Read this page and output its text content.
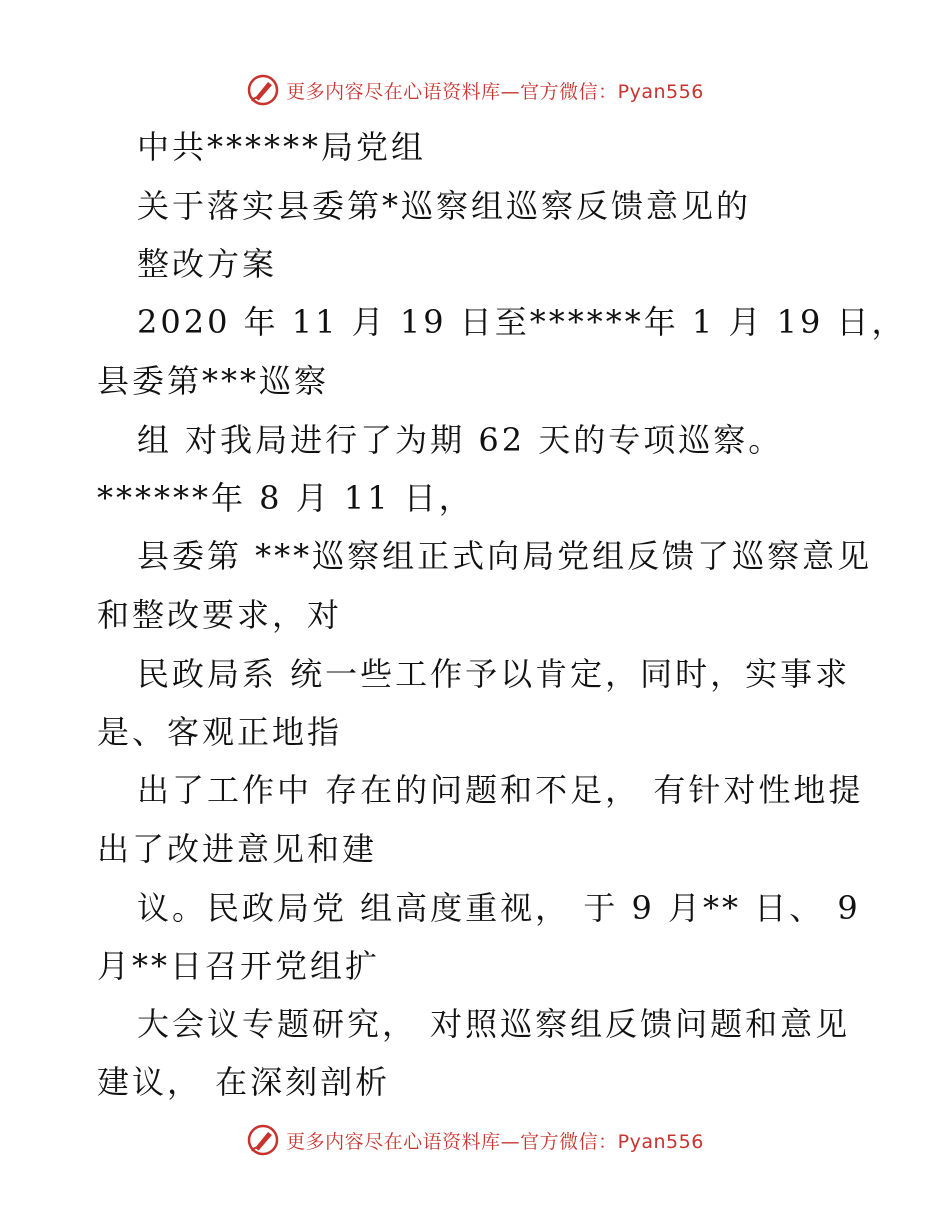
更多内容尽在心语资料库—官方微信：Pyan556
中共******局党组
关于落实县委第*巡察组巡察反馈意见的
整改方案
2020 年 11 月 19 日至******年 1 月 19 日，
县委第***巡察
组 对我局进行了为期 62 天的专项巡察。
******年 8 月 11 日，
县委第 ***巡察组正式向局党组反馈了巡察意见
和整改要求，对
民政局系 统一些工作予以肯定，同时，实事求
是、客观正地指
出了工作中 存在的问题和不足， 有针对性地提
出了改进意见和建
议。民政局党 组高度重视， 于 9 月** 日、 9
月**日召开党组扩
大会议专题研究， 对照巡察组反馈问题和意见
建议， 在深刻剖析
更多内容尽在心语资料库—官方微信：Pyan556
